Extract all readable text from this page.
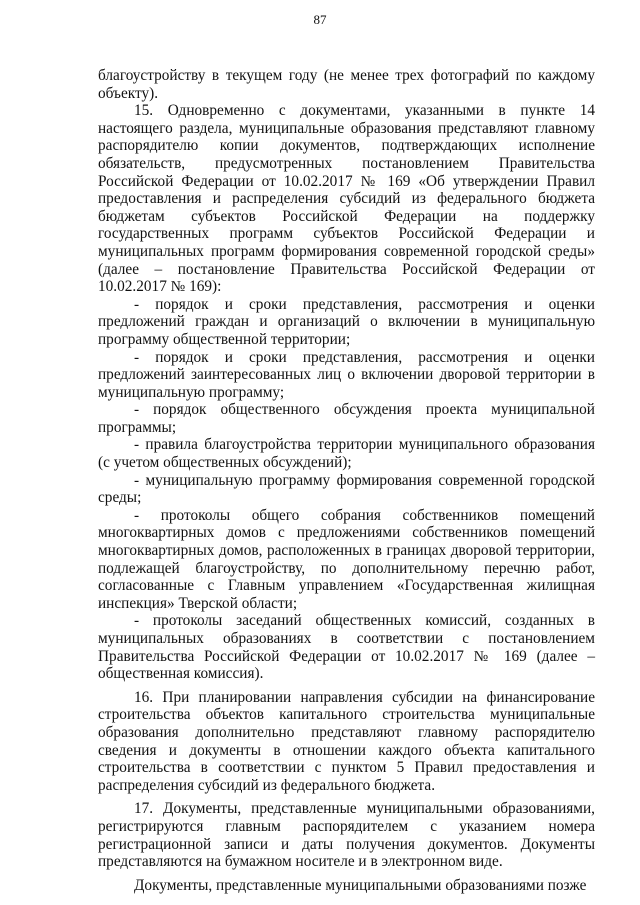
87

благоустройству в текущем году (не менее трех фотографий по каждому объекту).

15. Одновременно с документами, указанными в пункте 14 настоящего раздела, муниципальные образования представляют главному распорядителю копии документов, подтверждающих исполнение обязательств, предусмотренных постановлением Правительства Российской Федерации от 10.02.2017 № 169 «Об утверждении Правил предоставления и распределения субсидий из федерального бюджета бюджетам субъектов Российской Федерации на поддержку государственных программ субъектов Российской Федерации и муниципальных программ формирования современной городской среды» (далее – постановление Правительства Российской Федерации от 10.02.2017 № 169):

- порядок и сроки представления, рассмотрения и оценки предложений граждан и организаций о включении в муниципальную программу общественной территории;

- порядок и сроки представления, рассмотрения и оценки предложений заинтересованных лиц о включении дворовой территории в муниципальную программу;

- порядок общественного обсуждения проекта муниципальной программы;

- правила благоустройства территории муниципального образования (с учетом общественных обсуждений);

- муниципальную программу формирования современной городской среды;

- протоколы общего собрания собственников помещений многоквартирных домов с предложениями собственников помещений многоквартирных домов, расположенных в границах дворовой территории, подлежащей благоустройству, по дополнительному перечню работ, согласованные с Главным управлением «Государственная жилищная инспекция» Тверской области;

- протоколы заседаний общественных комиссий, созданных в муниципальных образованиях в соответствии с постановлением Правительства Российской Федерации от 10.02.2017 № 169 (далее – общественная комиссия).

16. При планировании направления субсидии на финансирование строительства объектов капитального строительства муниципальные образования дополнительно представляют главному распорядителю сведения и документы в отношении каждого объекта капитального строительства в соответствии с пунктом 5 Правил предоставления и распределения субсидий из федерального бюджета.

17. Документы, представленные муниципальными образованиями, регистрируются главным распорядителем с указанием номера регистрационной записи и даты получения документов. Документы представляются на бумажном носителе и в электронном виде.

Документы, представленные муниципальными образованиями позже
